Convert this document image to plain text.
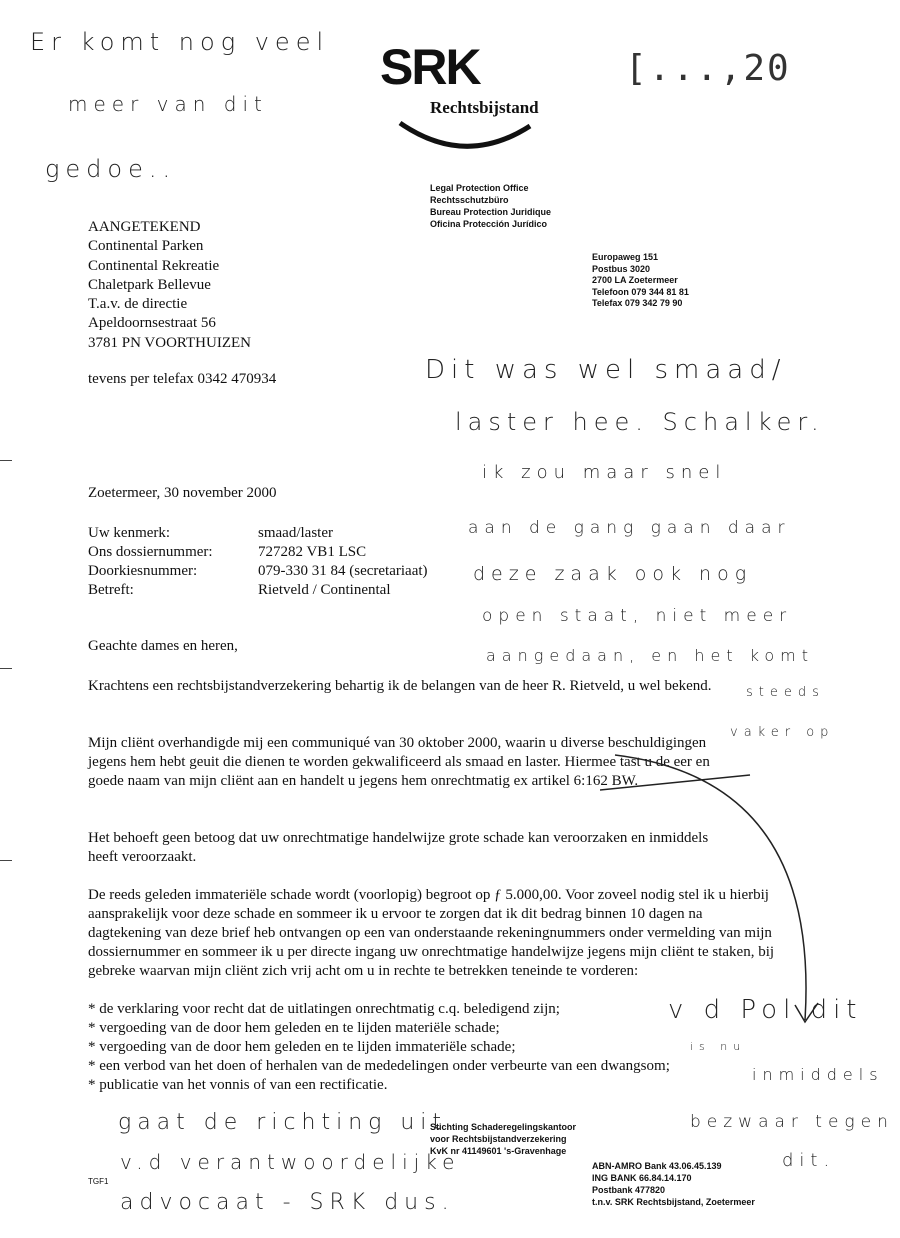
SRK
Rechtsbijstand
[...,20
Legal Protection Office
Rechtsschutzbüro
Bureau Protection Juridique
Oficina Protección Jurídico
Europaweg 151
Postbus 3020
2700 LA Zoetermeer
Telefoon 079 344 81 81
Telefax 079 342 79 90
AANGETEKEND
Continental Parken
Continental Rekreatie
Chaletpark Bellevue
T.a.v. de directie
Apeldoornsestraat 56
3781 PN VOORTHUIZEN
tevens per telefax 0342 470934
Zoetermeer, 30 november 2000
Uw kenmerk:	smaad/laster
Ons dossiernummer:	727282 VB1 LSC
Doorkiesnummer:	079-330 31 84 (secretariaat)
Betreft:	Rietveld / Continental
Geachte dames en heren,

Krachtens een rechtsbijstandverzekering behartig ik de belangen van de heer R. Rietveld, u wel bekend.

Mijn cliënt overhandigde mij een communiqué van 30 oktober 2000, waarin u diverse beschuldigingen jegens hem hebt geuit die dienen te worden gekwalificeerd als smaad en laster. Hiermee tast u de eer en goede naam van mijn cliënt aan en handelt u jegens hem onrechtmatig ex artikel 6:162 BW.

Het behoeft geen betoog dat uw onrechtmatige handelwijze grote schade kan veroorzaken en inmiddels heeft veroorzaakt.

De reeds geleden immateriële schade wordt (voorlopig) begroot op ƒ 5.000,00. Voor zoveel nodig stel ik u hierbij aansprakelijk voor deze schade en sommeer ik u ervoor te zorgen dat ik dit bedrag binnen 10 dagen na dagtekening van deze brief heb ontvangen op een van onderstaande rekeningnummers onder vermelding van mijn dossiernummer en sommeer ik u per directe ingang uw onrechtmatige handelwijze jegens mijn cliënt te staken, bij gebreke waarvan mijn cliënt zich vrij acht om u in rechte te betrekken teneinde te vorderen:

* de verklaring voor recht dat de uitlatingen onrechtmatig c.q. beledigend zijn;
* vergoeding van de door hem geleden en te lijden materiële schade;
* vergoeding van de door hem geleden en te lijden immateriële schade;
* een verbod van het doen of herhalen van de mededelingen onder verbeurte van een dwangsom;
* publicatie van het vonnis of van een rectificatie.
Stichting Schaderegelingskantoor
voor Rechtsbijstandverzekering
KvK nr 41149601 's-Gravenhage
ABN-AMRO Bank 43.06.45.139
ING BANK 66.84.14.170
Postbank 477820
t.n.v. SRK Rechtsbijstand, Zoetermeer
TGF1
Er komt nog veel
meer van dit
gedoe..
Dit was wel smaad/
laster hee. Schalker.
ik zou maar snel
aan de gang gaan daar
deze zaak ook nog
open staat, niet meer
aangedaan, en het komt
steeds
vaker op
v d Pol dit
is nu
inmiddels
bezwaar tegen
dit.
gaat de richting uit
v.d verantwoordelijke
advocaat - SRK dus.
